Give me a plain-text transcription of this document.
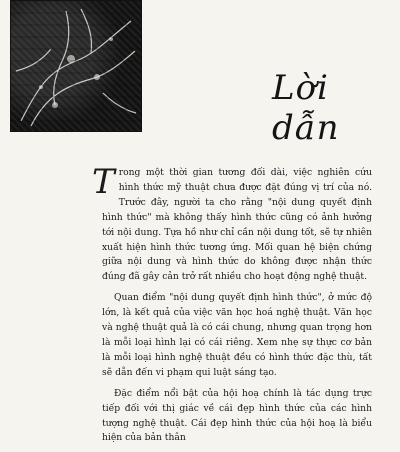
Lời dẫn

T rong một thời gian tương đối dài, việc nghiên cứu hình thức mỹ thuật chưa được đặt đúng vị trí của nó. Trước đây, người ta cho rằng "nội dung quyết định hình thức" mà không thấy hình thức cũng có ảnh hưởng tới nội dung. Tựa hồ như chỉ cần nội dung tốt, sẽ tự nhiên xuất hiện hình thức tương ứng. Mối quan hệ biện chứng giữa nội dung và hình thức do không được nhận thức đúng đã gây cản trở rất nhiều cho hoạt động nghệ thuật.

Quan điểm "nội dung quyết định hình thức", ở mức độ lớn, là kết quả của việc văn học hoá nghệ thuật. Văn học và nghệ thuật quả là có cái chung, nhưng quan trọng hơn là mỗi loại hình lại có cái riêng. Xem nhẹ sự thực cơ bản là mỗi loại hình nghệ thuật đều có hình thức đặc thù, tất sẽ dẫn đến vi phạm qui luật sáng tạo.

Đặc điểm nổi bật của hội hoạ chính là tác dụng trực tiếp đối với thị giác về cái đẹp hình thức của các hình tượng nghệ thuật. Cái đẹp hình thức của hội hoạ là biểu hiện của bản thân
